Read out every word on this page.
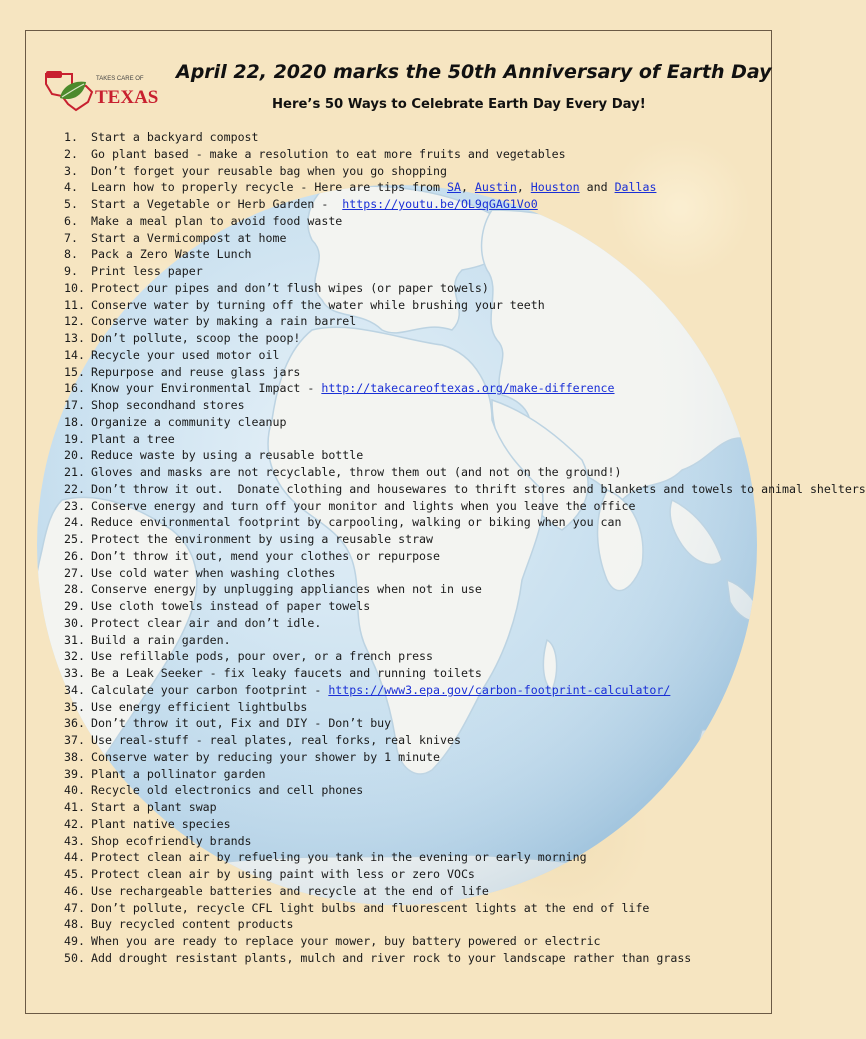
TAKES CARE OF
TEXAS
April 22, 2020 marks the 50th Anniversary of Earth Day
Here’s 50 Ways to Celebrate Earth Day Every Day!
1. Start a backyard compost
2. Go plant based - make a resolution to eat more fruits and vegetables
3. Don’t forget your reusable bag when you go shopping
4. Learn how to properly recycle - Here are tips from SA, Austin, Houston and Dallas
5. Start a Vegetable or Herb Garden -  https://youtu.be/OL9qGAG1Vo0
6. Make a meal plan to avoid food waste
7. Start a Vermicompost at home
8. Pack a Zero Waste Lunch
9. Print less paper
10. Protect our pipes and don’t flush wipes (or paper towels)
11. Conserve water by turning off the water while brushing your teeth
12. Conserve water by making a rain barrel
13. Don’t pollute, scoop the poop!
14. Recycle your used motor oil
15. Repurpose and reuse glass jars
16. Know your Environmental Impact - http://takecareoftexas.org/make-difference
17. Shop secondhand stores
18. Organize a community cleanup
19. Plant a tree
20. Reduce waste by using a reusable bottle
21. Gloves and masks are not recyclable, throw them out (and not on the ground!)
22. Don’t throw it out.  Donate clothing and housewares to thrift stores and blankets and towels to animal shelters
23. Conserve energy and turn off your monitor and lights when you leave the office
24. Reduce environmental footprint by carpooling, walking or biking when you can
25. Protect the environment by using a reusable straw
26. Don’t throw it out, mend your clothes or repurpose
27. Use cold water when washing clothes
28. Conserve energy by unplugging appliances when not in use
29. Use cloth towels instead of paper towels
30. Protect clear air and don’t idle.
31. Build a rain garden.
32. Use refillable pods, pour over, or a french press
33. Be a Leak Seeker - fix leaky faucets and running toilets
34. Calculate your carbon footprint - https://www3.epa.gov/carbon-footprint-calculator/
35. Use energy efficient lightbulbs
36. Don’t throw it out, Fix and DIY - Don’t buy
37. Use real-stuff - real plates, real forks, real knives
38. Conserve water by reducing your shower by 1 minute
39. Plant a pollinator garden
40. Recycle old electronics and cell phones
41. Start a plant swap
42. Plant native species
43. Shop ecofriendly brands
44. Protect clean air by refueling you tank in the evening or early morning
45. Protect clean air by using paint with less or zero VOCs
46. Use rechargeable batteries and recycle at the end of life
47. Don’t pollute, recycle CFL light bulbs and fluorescent lights at the end of life
48. Buy recycled content products
49. When you are ready to replace your mower, buy battery powered or electric
50. Add drought resistant plants, mulch and river rock to your landscape rather than grass
